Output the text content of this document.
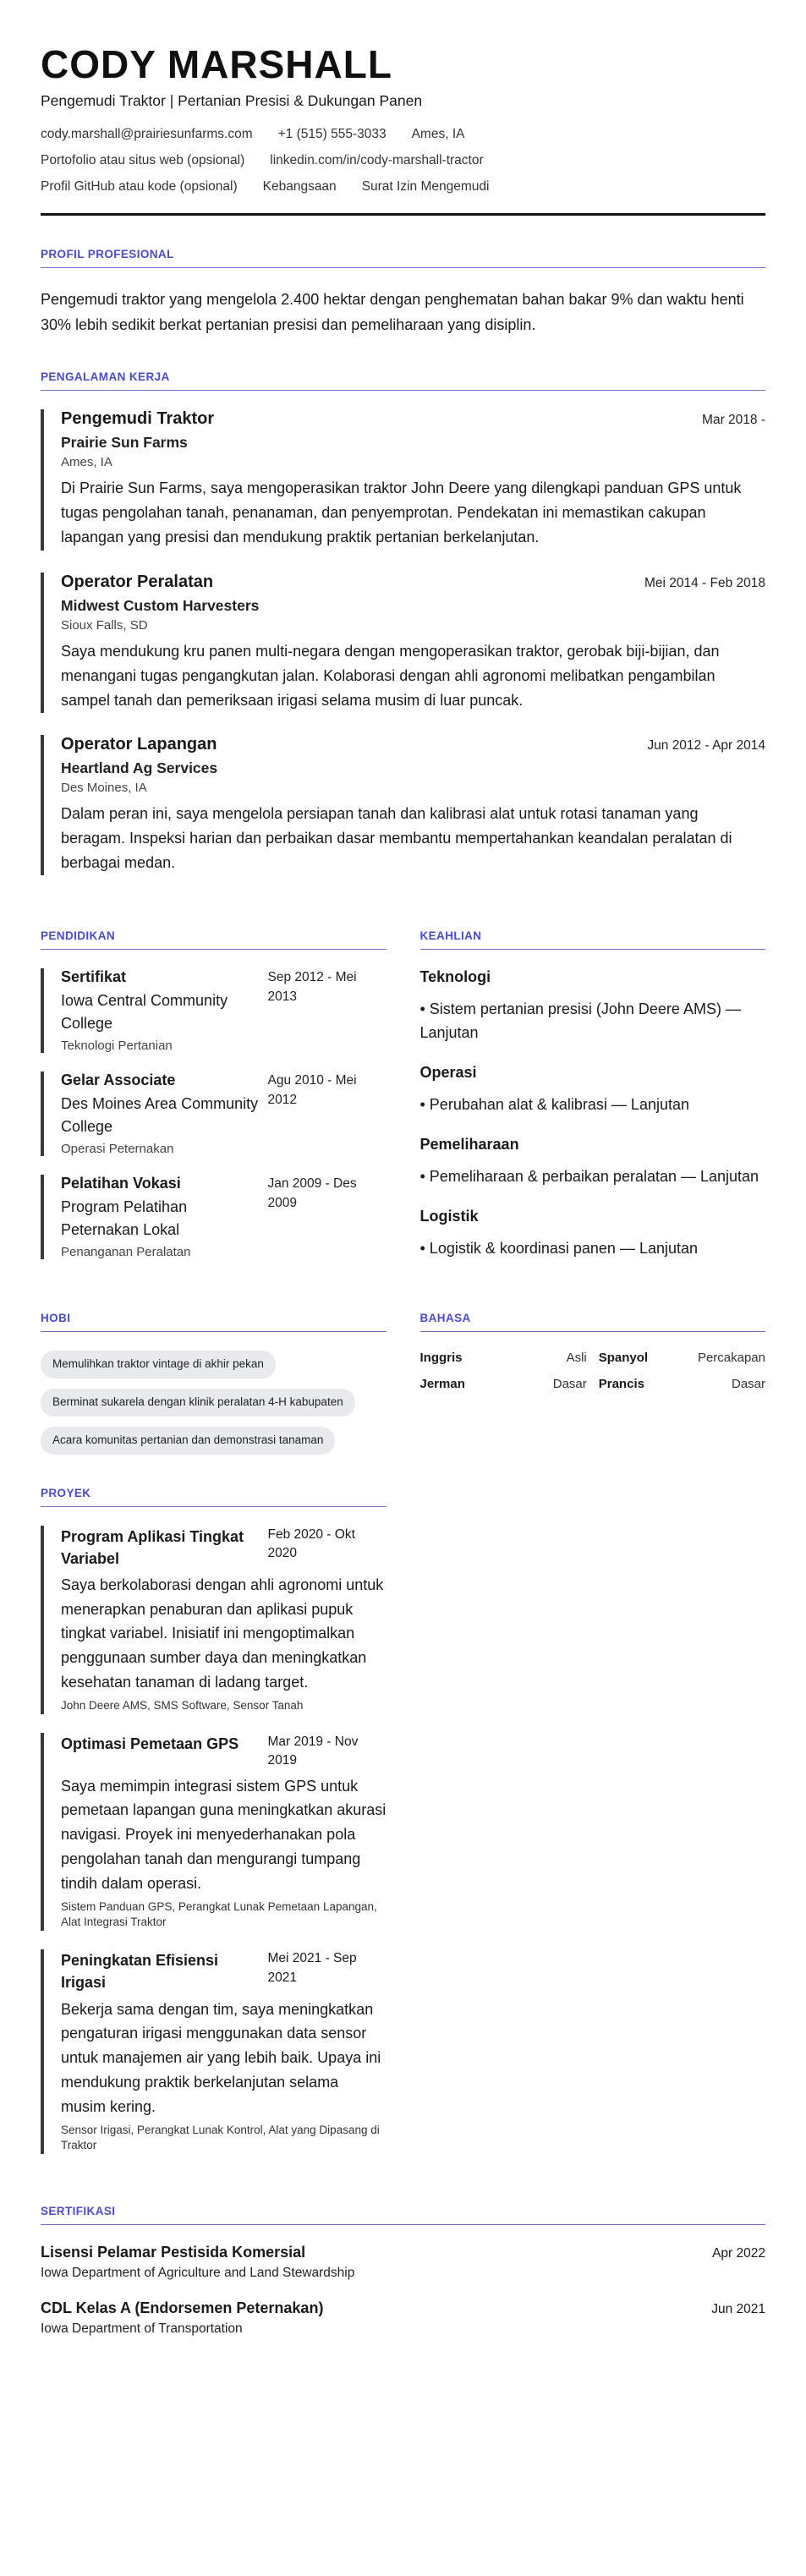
CODY MARSHALL
Pengemudi Traktor | Pertanian Presisi & Dukungan Panen
cody.marshall@prairiesunfarms.com +1 (515) 555-3033 Ames, IA
Portofolio atau situs web (opsional) linkedin.com/in/cody-marshall-tractor
Profil GitHub atau kode (opsional) Kebangsaan Surat Izin Mengemudi
PROFIL PROFESIONAL

Pengemudi traktor yang mengelola 2.400 hektar dengan penghematan bahan bakar 9% dan waktu henti 30% lebih sedikit berkat pertanian presisi dan pemeliharaan yang disiplin.

PENGALAMAN KERJA
Pengemudi Traktor	Mar 2018 -
Prairie Sun Farms
Ames, IA

Di Prairie Sun Farms, saya mengoperasikan traktor John Deere yang dilengkapi panduan GPS untuk tugas pengolahan tanah, penanaman, dan penyemprotan. Pendekatan ini memastikan cakupan lapangan yang presisi dan mendukung praktik pertanian berkelanjutan.

Operator Peralatan	Mei 2014 - Feb 2018
Midwest Custom Harvesters
Sioux Falls, SD

Saya mendukung kru panen multi-negara dengan mengoperasikan traktor, gerobak biji-bijian, dan menangani tugas pengangkutan jalan. Kolaborasi dengan ahli agronomi melibatkan pengambilan sampel tanah dan pemeriksaan irigasi selama musim di luar puncak.

Operator Lapangan	Jun 2012 - Apr 2014
Heartland Ag Services
Des Moines, IA

Dalam peran ini, saya mengelola persiapan tanah dan kalibrasi alat untuk rotasi tanaman yang beragam. Inspeksi harian dan perbaikan dasar membantu mempertahankan keandalan peralatan di berbagai medan.

PENDIDIKAN
Sertifikat
Iowa Central Community College
Sep 2012 - Mei 2013
Teknologi Pertanian
Gelar Associate
Des Moines Area Community College
Agu 2010 - Mei 2012
Operasi Peternakan
Pelatihan Vokasi
Program Pelatihan Peternakan Lokal
Jan 2009 - Des 2009
Penanganan Peralatan
KEAHLIAN
Teknologi
• Sistem pertanian presisi (John Deere AMS) — Lanjutan
Operasi
• Perubahan alat & kalibrasi — Lanjutan
Pemeliharaan
• Pemeliharaan & perbaikan peralatan — Lanjutan
Logistik
• Logistik & koordinasi panen — Lanjutan
HOBI
Memulihkan traktor vintage di akhir pekan
Berminat sukarela dengan klinik peralatan 4-H kabupaten
Acara komunitas pertanian dan demonstrasi tanaman
BAHASA
Inggris	Asli Spanyol	Percakapan
Jerman	Dasar Prancis	Dasar
PROYEK
Program Aplikasi Tingkat Variabel
Feb 2020 - Okt 2020

Saya berkolaborasi dengan ahli agronomi untuk menerapkan penaburan dan aplikasi pupuk tingkat variabel. Inisiatif ini mengoptimalkan penggunaan sumber daya dan meningkatkan kesehatan tanaman di ladang target.

John Deere AMS, SMS Software, Sensor Tanah
Optimasi Pemetaan GPS	Mar 2019 - Nov 2019

Saya memimpin integrasi sistem GPS untuk pemetaan lapangan guna meningkatkan akurasi navigasi. Proyek ini menyederhanakan pola pengolahan tanah dan mengurangi tumpang tindih dalam operasi.

Sistem Panduan GPS, Perangkat Lunak Pemetaan Lapangan, Alat Integrasi Traktor
Peningkatan Efisiensi Irigasi
Mei 2021 - Sep 2021

Bekerja sama dengan tim, saya meningkatkan pengaturan irigasi menggunakan data sensor untuk manajemen air yang lebih baik. Upaya ini mendukung praktik berkelanjutan selama musim kering.

Sensor Irigasi, Perangkat Lunak Kontrol, Alat yang Dipasang di Traktor
SERTIFIKASI
Lisensi Pelamar Pestisida Komersial	Apr 2022
Iowa Department of Agriculture and Land Stewardship
CDL Kelas A (Endorsemen Peternakan)	Jun 2021
Iowa Department of Transportation
